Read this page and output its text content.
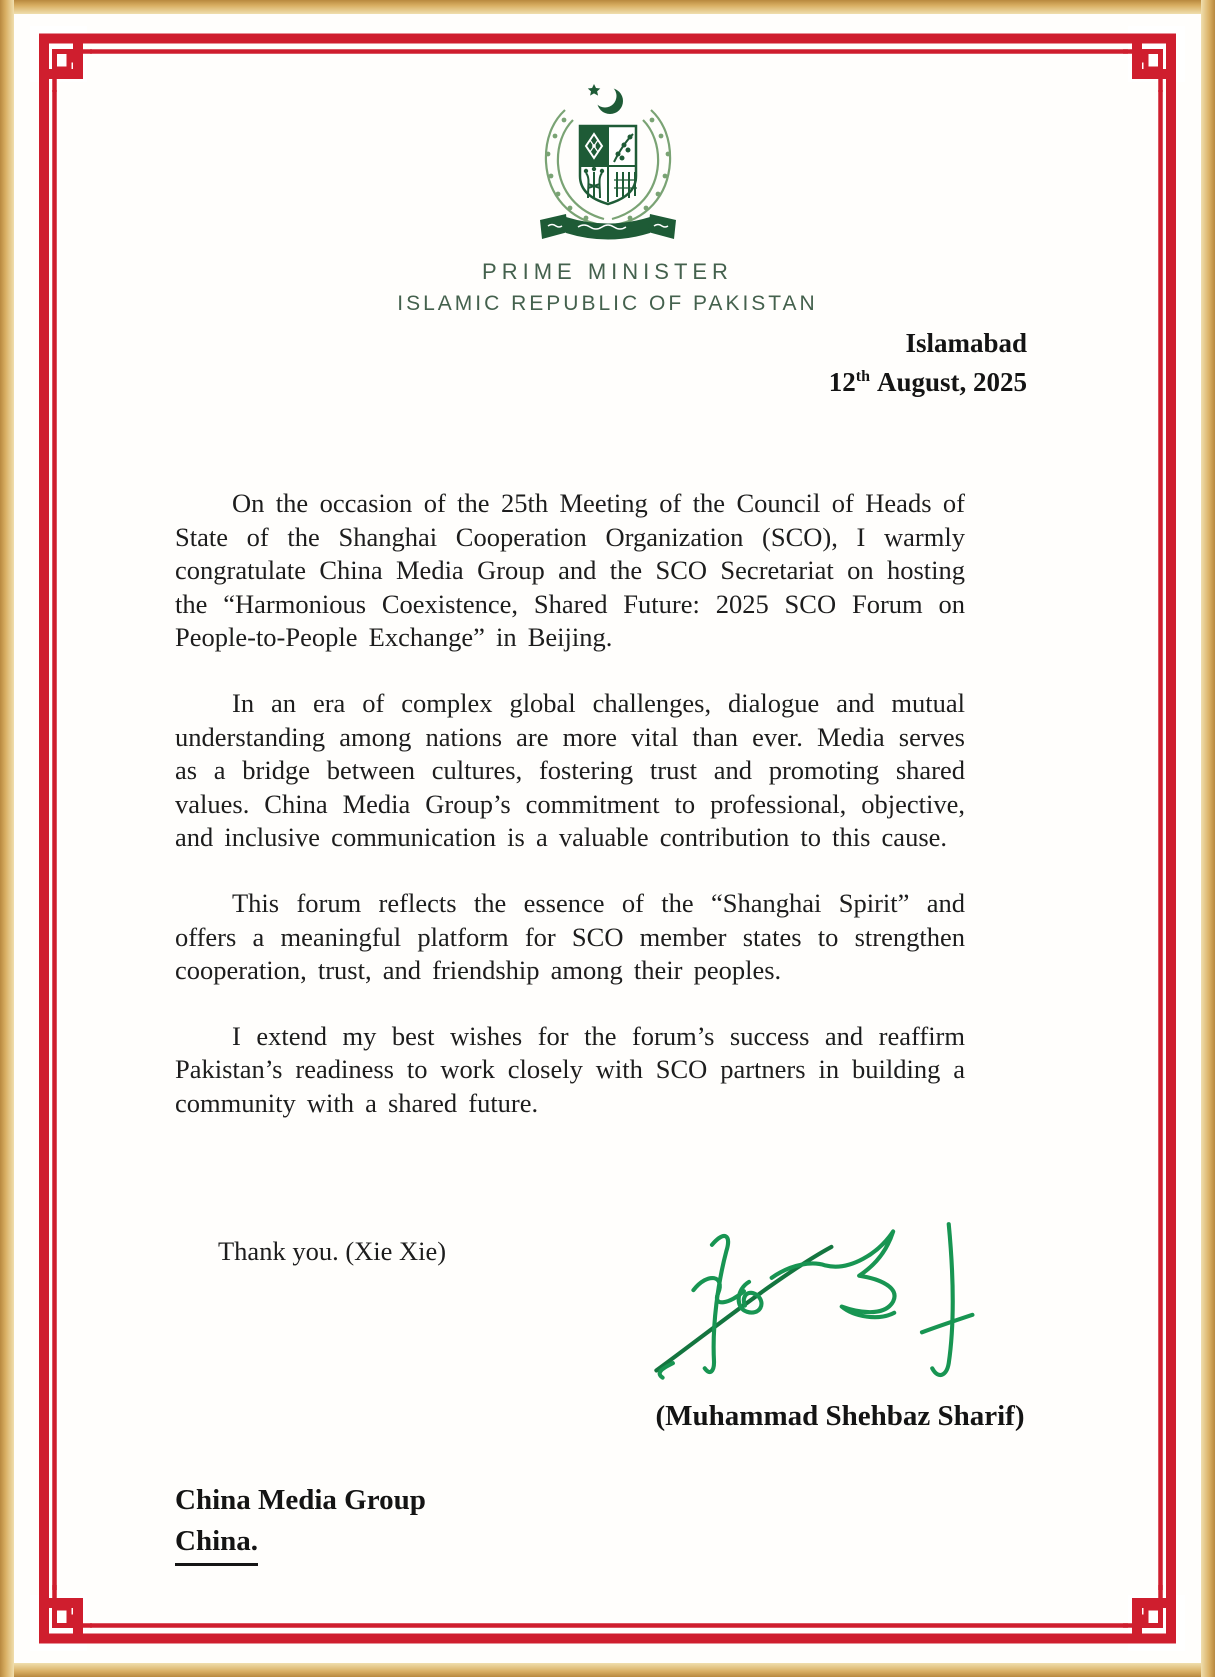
PRIME MINISTER
ISLAMIC REPUBLIC OF PAKISTAN
Islamabad
12th August, 2025

On the occasion of the 25th Meeting of the Council of Heads of State of the Shanghai Cooperation Organization (SCO), I warmly congratulate China Media Group and the SCO Secretariat on hosting the “Harmonious Coexistence, Shared Future: 2025 SCO Forum on People-to-People Exchange” in Beijing.

In an era of complex global challenges, dialogue and mutual understanding among nations are more vital than ever. Media serves as a bridge between cultures, fostering trust and promoting shared values. China Media Group’s commitment to professional, objective, and inclusive communication is a valuable contribution to this cause.

This forum reflects the essence of the “Shanghai Spirit” and offers a meaningful platform for SCO member states to strengthen cooperation, trust, and friendship among their peoples.

I extend my best wishes for the forum’s success and reaffirm Pakistan’s readiness to work closely with SCO partners in building a community with a shared future.

Thank you. (Xie Xie)
(Muhammad Shehbaz Sharif)
China Media Group
China.
